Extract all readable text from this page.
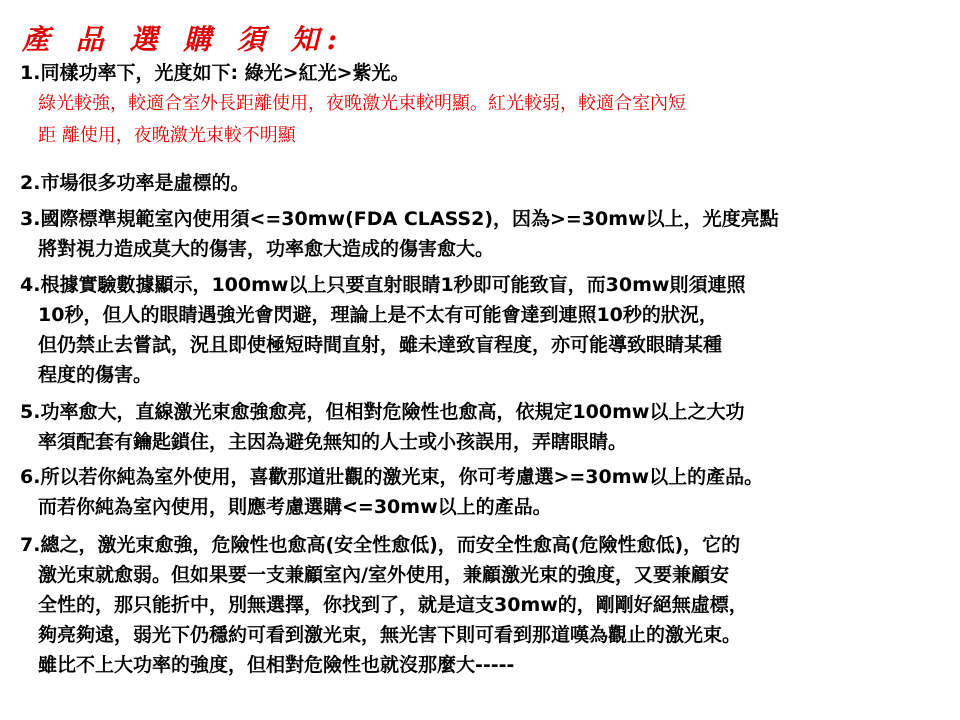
產 品 選 購 須 知:
1.同樣功率下，光度如下: 綠光>紅光>紫光。
綠光較強，較適合室外長距離使用，夜晚激光束較明顯。紅光較弱，較適合室內短
距 離使用，夜晚激光束較不明顯
2.市場很多功率是虛標的。
3.國際標準規範室內使用須<=30mw(FDA CLASS2)，因為>=30mw以上，光度亮點
將對視力造成莫大的傷害，功率愈大造成的傷害愈大。
4.根據實驗數據顯示，100mw以上只要直射眼睛1秒即可能致盲，而30mw則須連照
10秒，但人的眼睛遇強光會閃避，理論上是不太有可能會達到連照10秒的狀況，
但仍禁止去嘗試，況且即使極短時間直射，雖未達致盲程度，亦可能導致眼睛某種
程度的傷害。
5.功率愈大，直線激光束愈強愈亮，但相對危險性也愈高，依規定100mw以上之大功
率須配套有鑰匙鎖住，主因為避免無知的人士或小孩誤用，弄瞎眼睛。
6.所以若你純為室外使用，喜歡那道壯觀的激光束，你可考慮選>=30mw以上的產品。
而若你純為室內使用，則應考慮選購<=30mw以上的產品。
7.總之，激光束愈強，危險性也愈高(安全性愈低)，而安全性愈高(危險性愈低)，它的
激光束就愈弱。但如果要一支兼顧室內/室外使用，兼顧激光束的強度，又要兼顧安
全性的，那只能折中，別無選擇，你找到了，就是這支30mw的，剛剛好絕無虛標，
夠亮夠遠，弱光下仍穩約可看到激光束，無光害下則可看到那道嘆為觀止的激光束。
雖比不上大功率的強度，但相對危險性也就沒那麼大-----
